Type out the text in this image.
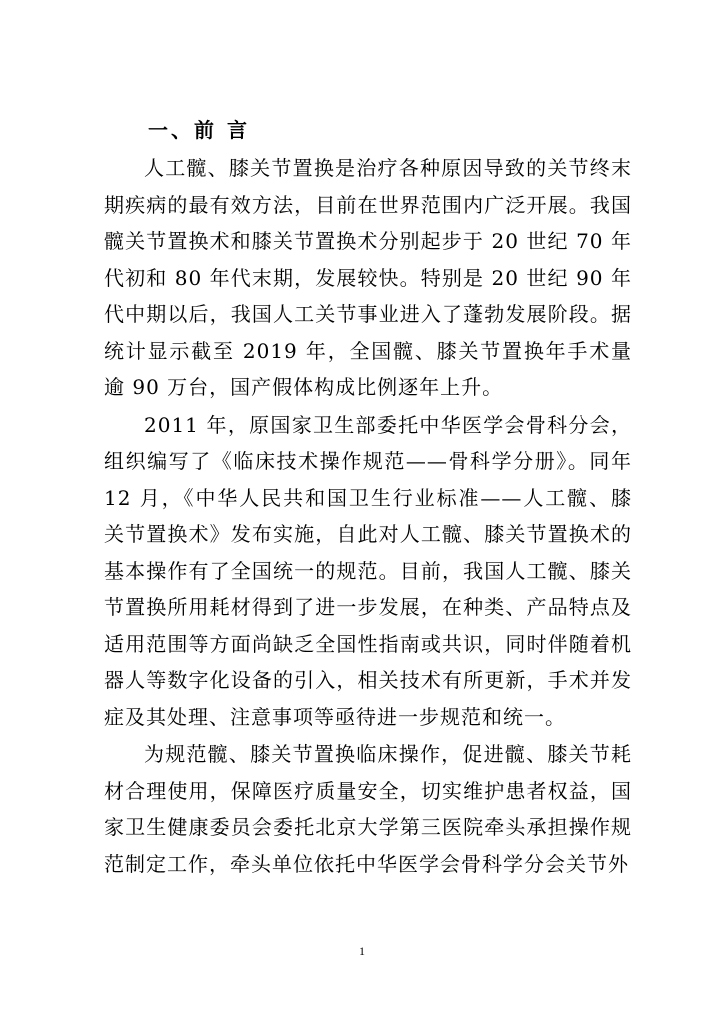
一、前 言

人工髋、膝关节置换是治疗各种原因导致的关节终末期疾病的最有效方法，目前在世界范围内广泛开展。我国髋关节置换术和膝关节置换术分别起步于 20 世纪 70 年代初和 80 年代末期，发展较快。特别是 20 世纪 90 年代中期以后，我国人工关节事业进入了蓬勃发展阶段。据统计显示截至 2019 年，全国髋、膝关节置换年手术量逾 90 万台，国产假体构成比例逐年上升。

2011 年，原国家卫生部委托中华医学会骨科分会，组织编写了《临床技术操作规范——骨科学分册》。同年 12 月，《中华人民共和国卫生行业标准——人工髋、膝关节置换术》发布实施，自此对人工髋、膝关节置换术的基本操作有了全国统一的规范。目前，我国人工髋、膝关节置换所用耗材得到了进一步发展，在种类、产品特点及适用范围等方面尚缺乏全国性指南或共识，同时伴随着机器人等数字化设备的引入，相关技术有所更新，手术并发症及其处理、注意事项等亟待进一步规范和统一。

为规范髋、膝关节置换临床操作，促进髋、膝关节耗材合理使用，保障医疗质量安全，切实维护患者权益，国家卫生健康委员会委托北京大学第三医院牵头承担操作规范制定工作，牵头单位依托中华医学会骨科学分会关节外

1
